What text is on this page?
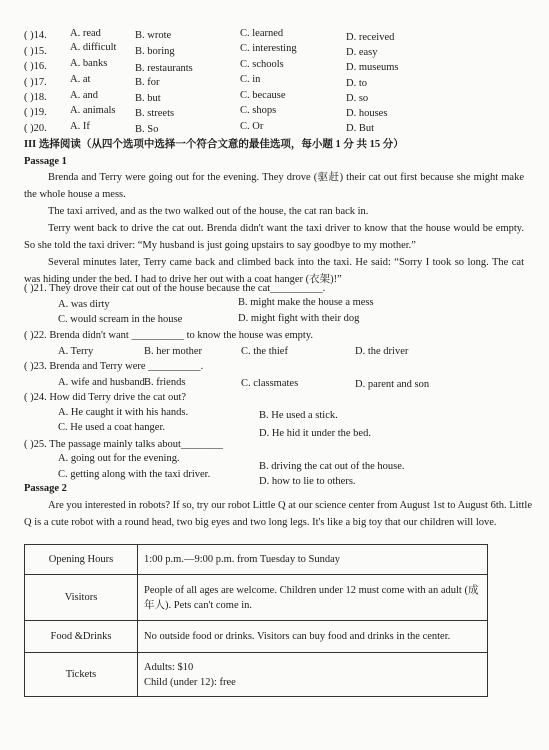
( )14. A. read	B. wrote	C. learned	D. received
( )15. A. difficult B. boring	C. interesting	D. easy
( )16. A. banks	B. restaurants	C. schools	D. museums
( )17. A. at	B. for	C. in	D. to
( )18. A. and	B. but	C. because	D. so
( )19. A. animals B. streets	C. shops	D. houses
( )20. A. If	B. So	C. Or	D. But
III 选择阅读（从四个选项中选择一个符合文意的最佳选项，每小题 1 分 共 15 分）
Passage 1
Brenda and Terry were going out for the evening. They drove (驱赶) their cat out first because she might make the whole house a mess.
The taxi arrived, and as the two walked out of the house, the cat ran back in.
Terry went back to drive the cat out. Brenda didn't want the taxi driver to know that the house would be empty. So she told the taxi driver: “My husband is just going upstairs to say goodbye to my mother.”
Several minutes later, Terry came back and climbed back into the taxi. He said: “Sorry I took so long. The cat was hiding under the bed. I had to drive her out with a coat hanger (衣架)!”
( )21. They drove their cat out of the house because the cat__________.
A. was dirty	B. might make the house a mess
C. would scream in the house	D. might fight with their dog
( )22. Brenda didn't want __________ to know the house was empty.
A. Terry	B. her mother	C. the thief	D. the driver
( )23. Brenda and Terry were __________.
A. wife and husband B. friends	C. classmates	D. parent and son
( )24. How did Terry drive the cat out?
A. He caught it with his hands.	B. He used a stick.
C. He used a coat hanger.
D. He hid it under the bed.
( )25. The passage mainly talks about________
A. going out for the evening.
B. driving the cat out of the house.
C. getting along with the taxi driver.
D. how to lie to others.
Passage 2
Are you interested in robots? If so, try our robot Little Q at our science center from August 1st to August 6th. Little Q is a cute robot with a round head, two big eyes and two long legs. It's like a big toy that our children will love.
Opening Hours	1:00 p.m.—9:00 p.m. from Tuesday to Sunday
Visitors	People of all ages are welcome. Children under 12 must come with an adult (成年人). Pets can't come in.
Food &Drinks	No outside food or drinks. Visitors can buy food and drinks in the center.
Tickets	Adults: $10
Child (under 12): free
